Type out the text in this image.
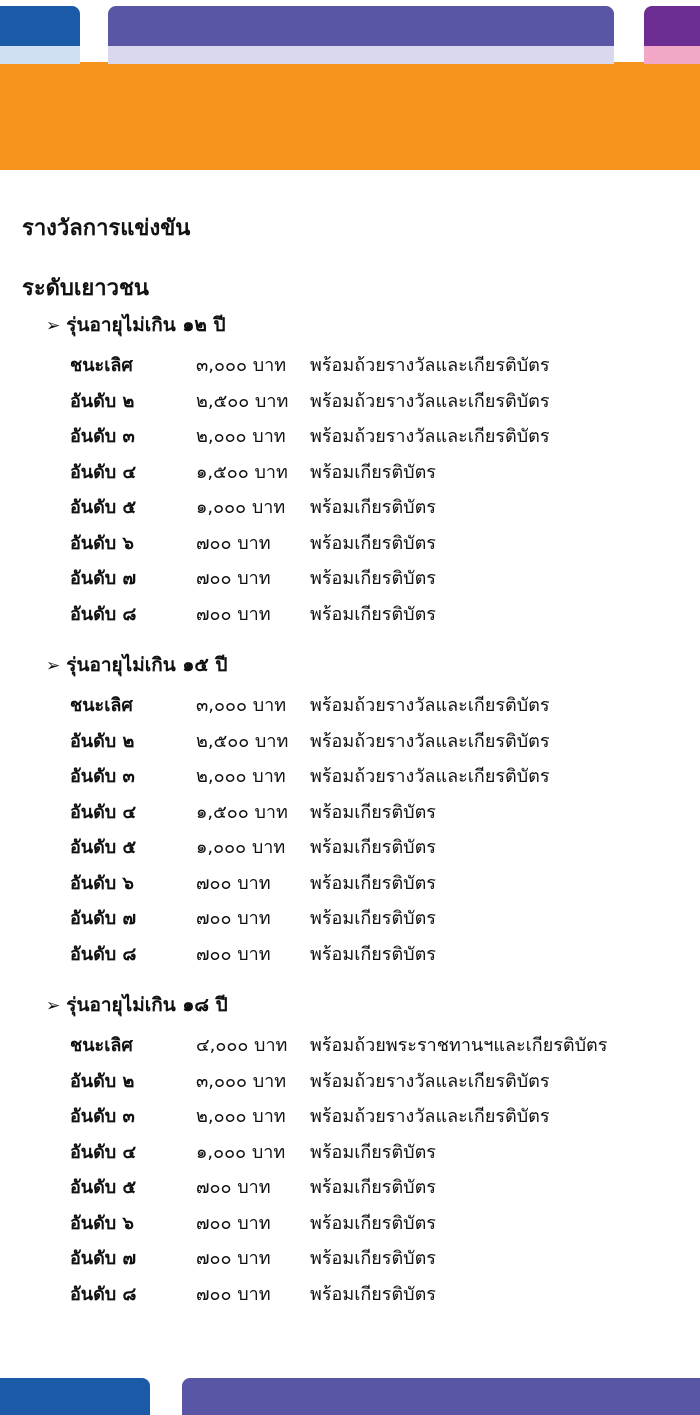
รางวัลการแข่งขัน
ระดับเยาวชน
➢ รุ่นอายุไม่เกิน ๑๒ ปี
ชนะเลิศ	๓,๐๐๐ บาท พร้อมถ้วยรางวัลและเกียรติบัตร
อันดับ ๒	๒,๕๐๐ บาท พร้อมถ้วยรางวัลและเกียรติบัตร
อันดับ ๓	๒,๐๐๐ บาท พร้อมถ้วยรางวัลและเกียรติบัตร
อันดับ ๔	๑,๕๐๐ บาท พร้อมเกียรติบัตร
อันดับ ๕	๑,๐๐๐ บาท พร้อมเกียรติบัตร
อันดับ ๖	๗๐๐ บาท พร้อมเกียรติบัตร
อันดับ ๗	๗๐๐ บาท พร้อมเกียรติบัตร
อันดับ ๘	๗๐๐ บาท พร้อมเกียรติบัตร
➢ รุ่นอายุไม่เกิน ๑๕ ปี
ชนะเลิศ	๓,๐๐๐ บาท พร้อมถ้วยรางวัลและเกียรติบัตร
อันดับ ๒	๒,๕๐๐ บาท พร้อมถ้วยรางวัลและเกียรติบัตร
อันดับ ๓	๒,๐๐๐ บาท พร้อมถ้วยรางวัลและเกียรติบัตร
อันดับ ๔	๑,๕๐๐ บาท พร้อมเกียรติบัตร
อันดับ ๕	๑,๐๐๐ บาท พร้อมเกียรติบัตร
อันดับ ๖	๗๐๐ บาท พร้อมเกียรติบัตร
อันดับ ๗	๗๐๐ บาท พร้อมเกียรติบัตร
อันดับ ๘	๗๐๐ บาท พร้อมเกียรติบัตร
➢ รุ่นอายุไม่เกิน ๑๘ ปี
ชนะเลิศ	๔,๐๐๐ บาท พร้อมถ้วยพระราชทานฯและเกียรติบัตร
อันดับ ๒	๓,๐๐๐ บาท พร้อมถ้วยรางวัลและเกียรติบัตร
อันดับ ๓	๒,๐๐๐ บาท พร้อมถ้วยรางวัลและเกียรติบัตร
อันดับ ๔	๑,๐๐๐ บาท พร้อมเกียรติบัตร
อันดับ ๕	๗๐๐ บาท พร้อมเกียรติบัตร
อันดับ ๖	๗๐๐ บาท พร้อมเกียรติบัตร
อันดับ ๗	๗๐๐ บาท พร้อมเกียรติบัตร
อันดับ ๘	๗๐๐ บาท พร้อมเกียรติบัตร
